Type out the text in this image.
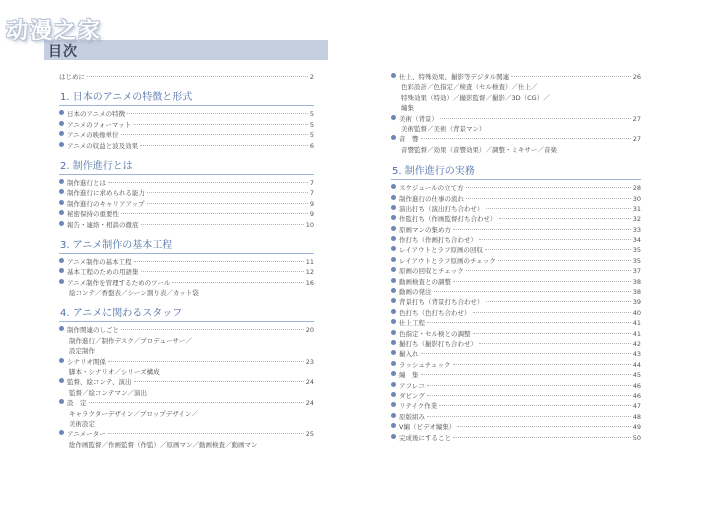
动漫之家
目次
はじめに	2
1. 日本のアニメの特徴と形式
日本のアニメの特徴	5
アニメのフォーマット	5
アニメの映像単位	5
アニメの収益と波及効果	6
2. 制作進行とは
制作進行とは	7
制作進行に求められる能力	7
制作進行のキャリアアップ	9
秘密保持の重要性	9
報告・連絡・相談の徹底	10
3. アニメ制作の基本工程
アニメ制作の基本工程	11
基本工程のための用語集	12
アニメ制作を管理するためのツール	16
絵コンテ／香盤表／シーン割り表／カット袋
4. アニメに関わるスタッフ
制作関連のしごと	20
制作進行／制作デスク／プロデューサー／
設定制作
シナリオ関係	23
脚本・シナリオ／シリーズ構成
監督、絵コンテ、演出	24
監督／絵コンテマン／演出
設　定	24
キャラクターデザイン／プロップデザイン／
美術設定
アニメーター	25
総作画監督／作画監督（作監）／原画マン／動画検査／動画マン
仕上、特殊効果、撮影等デジタル関連	26
色彩設計／色指定／検査（セル検査）／仕上／
特殊効果（特効）／撮影監督／撮影／3D（CG）／
編集
美術（背景）	27
美術監督／美術（背景マン）
音　響	27
音響監督／効果（音響効果）／調整・ミキサー／音楽
5. 制作進行の実務
スケジュールの立て方	28
制作進行の仕事の流れ	30
演出打ち（演出打ち合わせ）	31
作監打ち（作画監督打ち合わせ）	32
原画マンの集め方	33
作打ち（作画打ち合わせ）	34
レイアウトとラフ原画の回収	35
レイアウトとラフ原画のチェック	35
原画の回収とチェック	37
動画検査との調整	38
動画の発注	38
背景打ち（背景打ち合わせ）	39
色打ち（色打ち合わせ）	40
仕上工程	41
色指定・セル検との調整	41
撮打ち（撮影打ち合わせ）	42
撮入れ	43
ラッシュチェック	44
編　集	45
アフレコ	46
ダビング	46
リテイク作業	47
原版組み	48
V編（ビデオ編集）	49
完成後にすること	50
